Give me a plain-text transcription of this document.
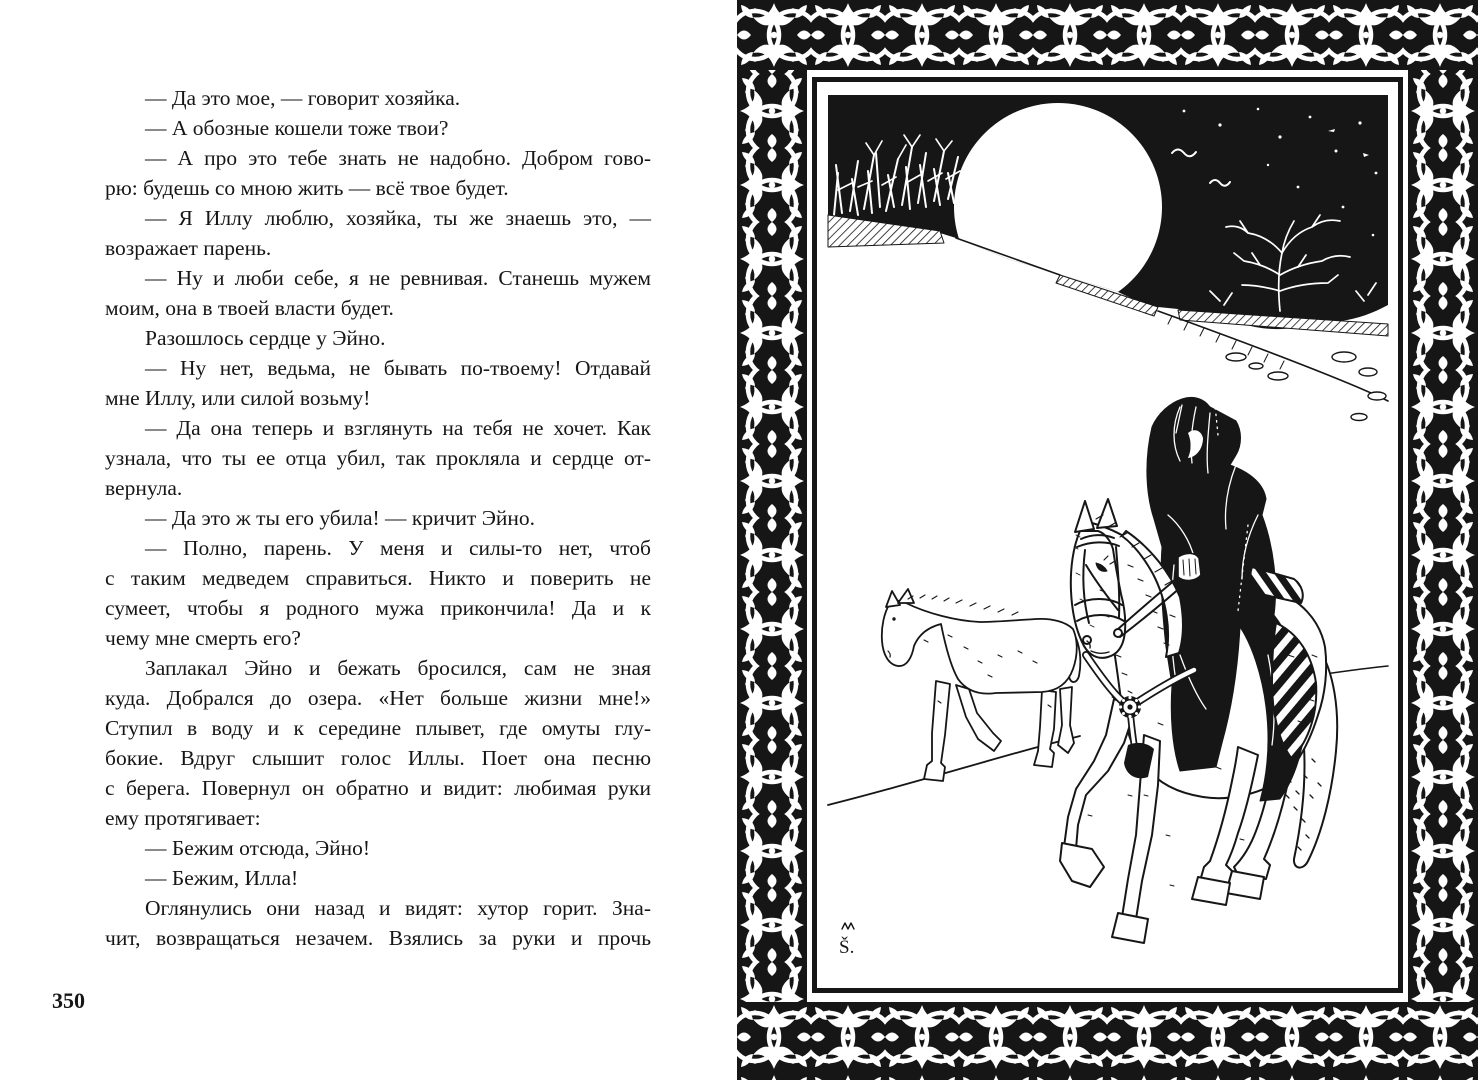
— Да это мое, — говорит хозяйка.
— А обозные кошели тоже твои?
— А про это тебе знать не надобно. Добром гово-
рю: будешь со мною жить — всё твое будет.
— Я Иллу люблю, хозяйка, ты же знаешь это, —
возражает парень.
— Ну и люби себе, я не ревнивая. Станешь мужем
моим, она в твоей власти будет.
Разошлось сердце у Эйно.
— Ну нет, ведьма, не бывать по-твоему! Отдавай
мне Иллу, или силой возьму!
— Да она теперь и взглянуть на тебя не хочет. Как
узнала, что ты ее отца убил, так прокляла и сердце от-
вернула.
— Да это ж ты его убила! — кричит Эйно.
— Полно, парень. У меня и силы-то нет, чтоб
с таким медведем справиться. Никто и поверить не
сумеет, чтобы я родного мужа прикончила! Да и к
чему мне смерть его?
Заплакал Эйно и бежать бросился, сам не зная
куда. Добрался до озера. «Нет больше жизни мне!»
Ступил в воду и к середине плывет, где омуты глу-
бокие. Вдруг слышит голос Иллы. Поет она песню
с берега. Повернул он обратно и видит: любимая руки
ему протягивает:
— Бежим отсюда, Эйно!
— Бежим, Илла!
Оглянулись они назад и видят: хутор горит. Зна-
чит, возвращаться незачем. Взялись за руки и прочь
350
Š.
